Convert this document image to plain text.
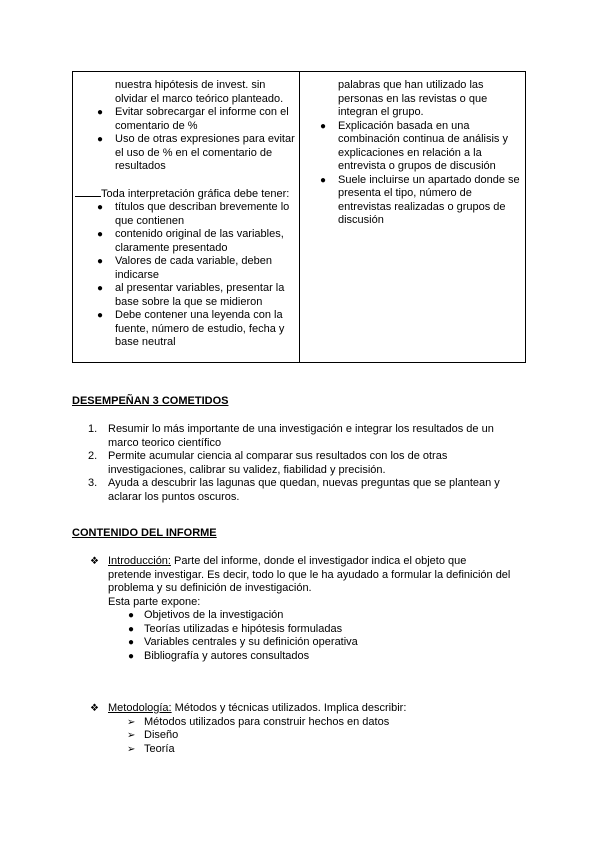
nuestra hipótesis de invest. sin olvidar el marco teórico planteado.
● Evitar sobrecargar el informe con el comentario de %
● Uso de otras expresiones para evitar el uso de % en el comentario de resultados
Toda interpretación gráfica debe tener:
● títulos que describan brevemente lo que contienen
● contenido original de las variables, claramente presentado
● Valores de cada variable, deben indicarse
● al presentar variables, presentar la base sobre la que se midieron
● Debe contener una leyenda con la fuente, número de estudio, fecha y base neutral
palabras que han utilizado las personas en las revistas o que integran el grupo.
● Explicación basada en una combinación continua de análisis y explicaciones en relación a la entrevista o grupos de discusión
● Suele incluirse un apartado donde se presenta el tipo, número de entrevistas realizadas o grupos de discusión
DESEMPEÑAN 3 COMETIDOS
1. Resumir lo más importante de una investigación e integrar los resultados de un marco teorico científico
2. Permite acumular ciencia al comparar sus resultados con los de otras investigaciones, calibrar su validez, fiabilidad y precisión.
3. Ayuda a descubrir las lagunas que quedan, nuevas preguntas que se plantean y aclarar los puntos oscuros.
CONTENIDO DEL INFORME
❖ Introducción: Parte del informe, donde el investigador indica el objeto que pretende investigar. Es decir, todo lo que le ha ayudado a formular la definición del problema y su definición de investigación.
Esta parte expone:
● Objetivos de la investigación
● Teorías utilizadas e hipótesis formuladas
● Variables centrales y su definición operativa
● Bibliografía y autores consultados
❖ Metodología: Métodos y técnicas utilizados. Implica describir:
➢ Métodos utilizados para construir hechos en datos
➢ Diseño
➢ Teoría
